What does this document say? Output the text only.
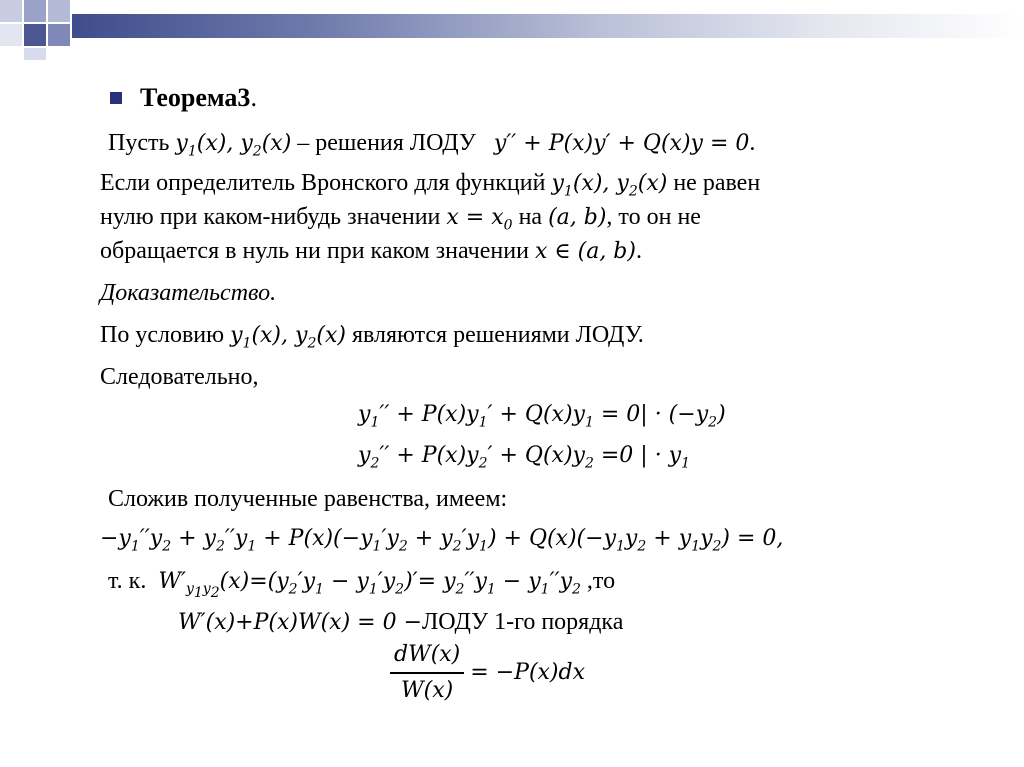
Теорема3.
Пусть $y_1(x)$, $y_2(x)$ – решения ЛОДУ   y′′ + P(x)y′ + Q(x)y = 0.
Если определитель Вронского для функций $y_1(x)$, $y_2(x)$ не равен
нулю при каком-нибудь значении $x = x_0$ на (a, b), то он не
обращается в нуль ни при каком значении x ∈ (a, b).
Доказательство.
По условию $y_1(x)$, $y_2(x)$ являются решениями ЛОДУ.
Следовательно,
$y_1'' + P(x)y_1' + Q(x)y_1 = 0| \cdot (-y_2)$
$y_2'' + P(x)y_2' + Q(x)y_2 =0$ | · $y_1$
Сложив полученные равенства, имеем:
$-y_1''y_2 + y_2''y_1 + P(x)(-y_1'y_2 + y_2'y_1) + Q(x)(-y_1y_2 + y_1y_2) = 0$,
т. к.  $W'_{y_1y_2}(x)=(y_2'y_1 - y_1'y_2)'= y_2''y_1 - y_1''y_2$ ,то
W′(x)+P(x)W(x) = 0 −ЛОДУ 1-го порядка
$\frac{dW(x)}{W(x)} = -P(x)dx$
